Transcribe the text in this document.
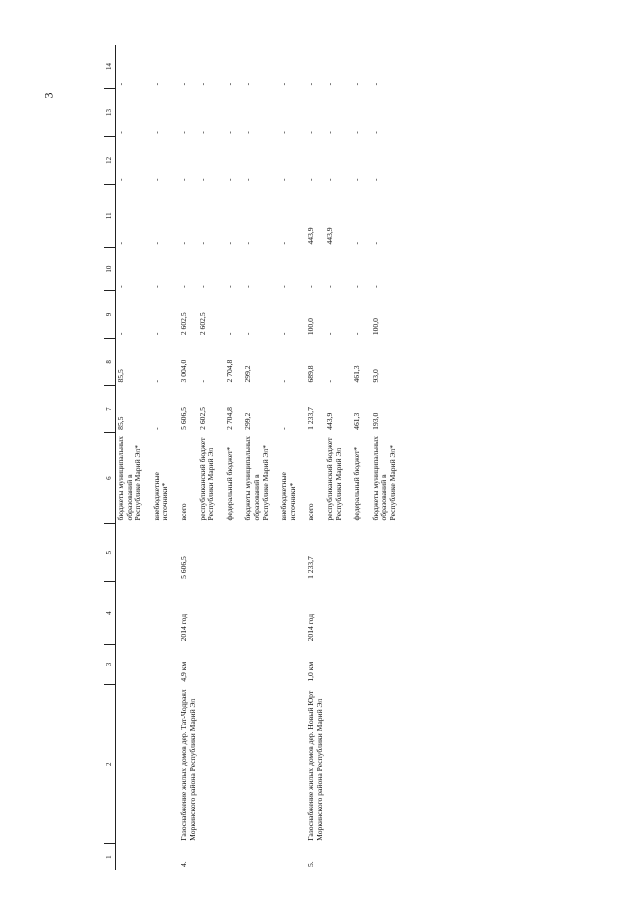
3
1	2	3	4	5	6	7	8	9	10	11	12	13	14
					бюджеты муниципальных образований в Республике Марий Эл*	85,5	85,5	-	-	-	-	-	-
					внебюджетные источники*	-	-	-	-	-	-	-	-
4.	Газоснабжение жилых домов дер. Тат-Чодраял Моркинского района Республики Марий Эл	4,9 км	2014 год	5 606,5	всего	5 606,5	3 004,0	2 602,5	-	-	-	-	-
					республиканский бюджет Республики Марий Эл	2 602,5	-	2 602,5	-	-	-	-	-
					федеральный бюджет*	2 704,8	2 704,8	-	-	-	-	-	-
					бюджеты муниципальных образований в Республике Марий Эл*	299,2	299,2	-	-	-	-	-	-
					внебюджетные источники*	-	-	-	-	-	-	-	-
5.	Газоснабжение жилых домов дер. Новый Юрт Моркинского района Республики Марий Эл	1,0 км	2014 год	1 233,7	всего	1 233,7	689,8	100,0	-	443,9	-	-	-
					республиканский бюджет Республики Марий Эл	443,9	-	-	-	443,9	-	-	-
					федеральный бюджет*	461,3	461,3	-	-	-	-	-	-
					бюджеты муниципальных образований в Республике Марий Эл*	193,0	93,0	100,0	-	-	-	-	-
